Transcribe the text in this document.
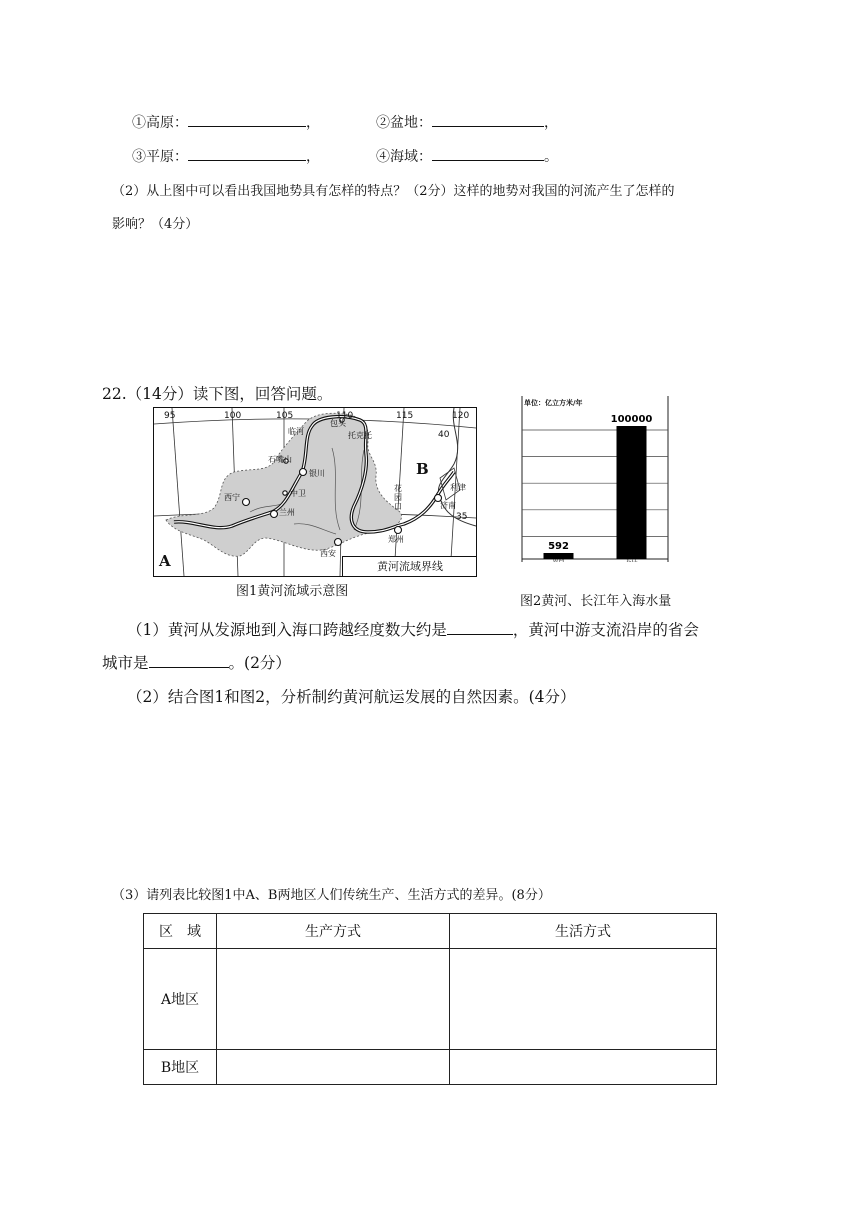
①高原：	，	②盆地：	，
③平原：	，	④海域：	。
（2）从上图中可以看出我国地势具有怎样的特点？（2分）这样的地势对我国的河流产生了怎样的
影响？（4分）
22.（14分）读下图，回答问题。
95	100	105	110	115	120
40
35
临河
包头
托克托
石嘴山
银川
中卫
西宁
兰州
西安
郑州
济南
利津
花园口
A
B
黄河流域界线
图1黄河流域示意图
592
黄河
100000
长江
单位：亿立方米/年
图2黄河、长江年入海水量
（1）黄河从发源地到入海口跨越经度数大约是	，黄河中游支流沿岸的省会
城市是	。(2分）
（2）结合图1和图2，分析制约黄河航运发展的自然因素。(4分）
（3）请列表比较图1中A、B两地区人们传统生产、生活方式的差异。(8分）
区　域	生产方式	生活方式
A地区		
B地区		
